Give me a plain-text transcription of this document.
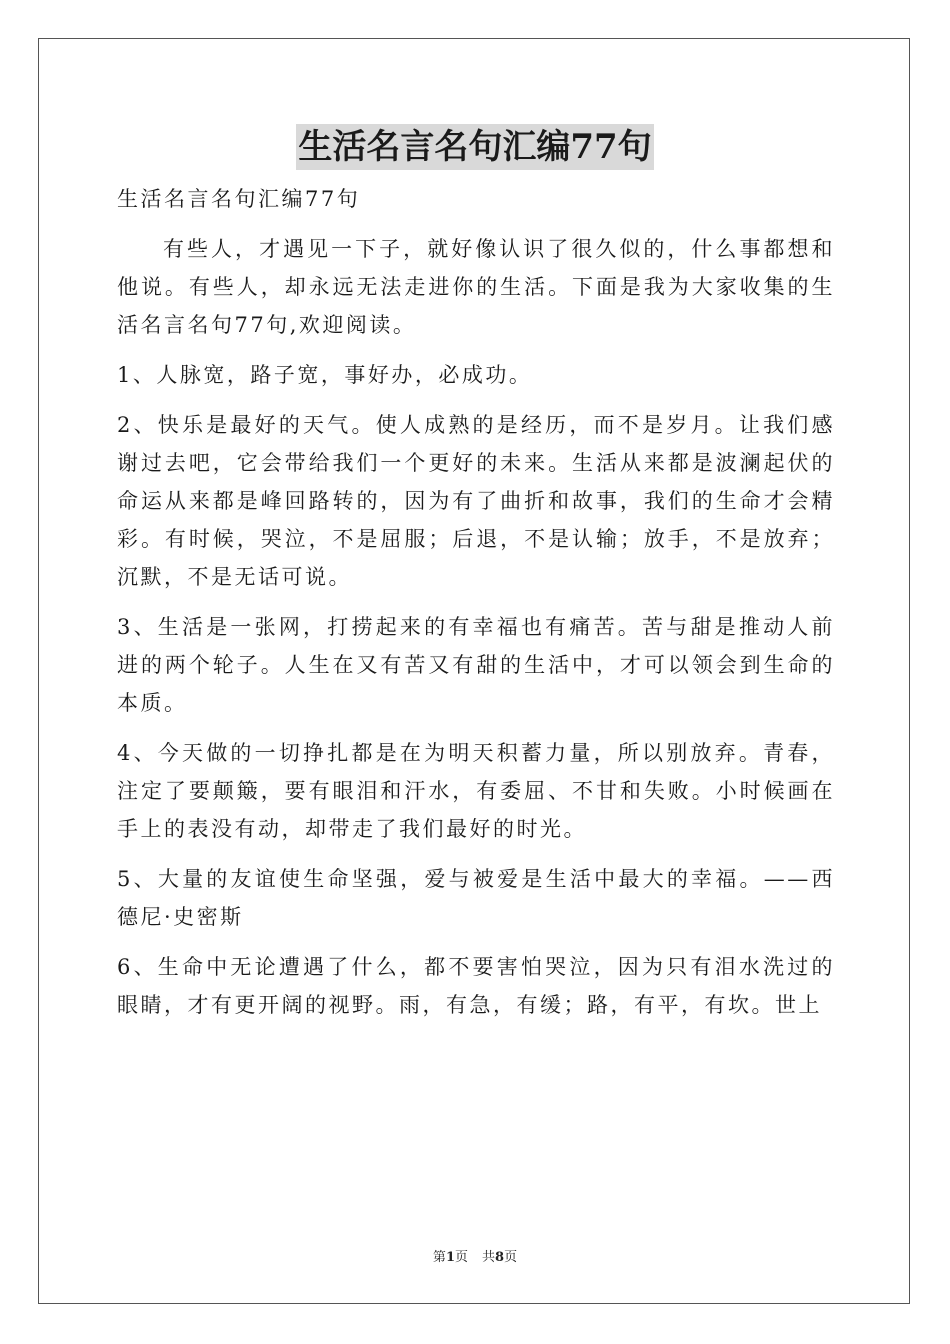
生活名言名句汇编77句

生活名言名句汇编77句

有些人，才遇见一下子，就好像认识了很久似的，什么事都想和他说。有些人，却永远无法走进你的生活。下面是我为大家收集的生活名言名句77句,欢迎阅读。

1、人脉宽，路子宽，事好办，必成功。

2、快乐是最好的天气。使人成熟的是经历，而不是岁月。让我们感谢过去吧，它会带给我们一个更好的未来。生活从来都是波澜起伏的命运从来都是峰回路转的，因为有了曲折和故事，我们的生命才会精彩。有时候，哭泣，不是屈服；后退，不是认输；放手，不是放弃；沉默，不是无话可说。

3、生活是一张网，打捞起来的有幸福也有痛苦。苦与甜是推动人前进的两个轮子。人生在又有苦又有甜的生活中，才可以领会到生命的本质。

4、今天做的一切挣扎都是在为明天积蓄力量，所以别放弃。青春，注定了要颠簸，要有眼泪和汗水，有委屈、不甘和失败。小时候画在手上的表没有动，却带走了我们最好的时光。

5、大量的友谊使生命坚强，爱与被爱是生活中最大的幸福。——西德尼·史密斯

6、生命中无论遭遇了什么，都不要害怕哭泣，因为只有泪水洗过的眼睛，才有更开阔的视野。雨，有急，有缓；路，有平，有坎。世上

第1页 共8页
